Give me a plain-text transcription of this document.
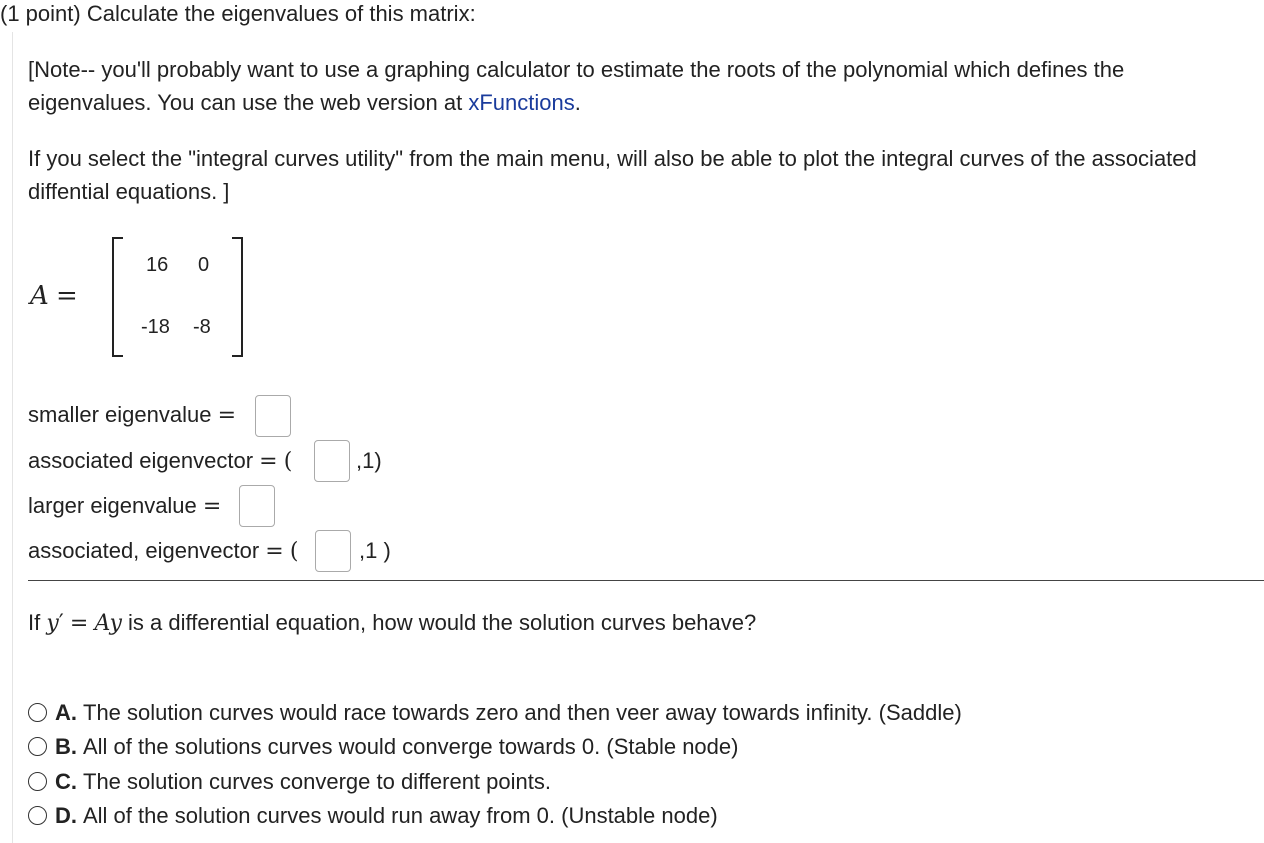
(1 point) Calculate the eigenvalues of this matrix:
[Note-- you'll probably want to use a graphing calculator to estimate the roots of the polynomial which defines the
eigenvalues. You can use the web version at xFunctions.
If you select the "integral curves utility" from the main menu, will also be able to plot the integral curves of the associated
diffential equations. ]
A =
16 0
-18 -8
smaller eigenvalue =
associated eigenvector = (	,1)
larger eigenvalue =
associated, eigenvector = (	,1 )
If y′ = Ay is a differential equation, how would the solution curves behave?
A. The solution curves would race towards zero and then veer away towards infinity. (Saddle)
B. All of the solutions curves would converge towards 0. (Stable node)
C. The solution curves converge to different points.
D. All of the solution curves would run away from 0. (Unstable node)
